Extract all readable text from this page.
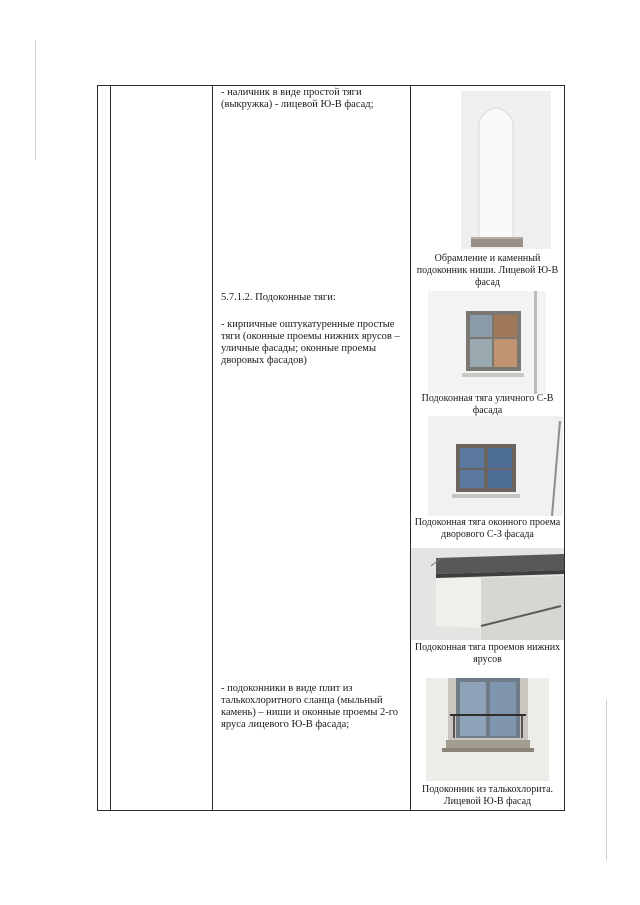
- наличник в виде простой тяги (выкружка) - лицевой Ю-В фасад;
5.7.1.2. Подоконные тяги:
- кирпичные оштукатуренные простые тяги (оконные проемы нижних ярусов – уличные фасады; оконные проемы дворовых фасадов)
- подоконники в виде плит из талькохлоритного сланца (мыльный камень) – ниши и оконные проемы 2-го яруса лицевого Ю-В фасада;

Обрамление и каменный подоконник ниши. Лицевой Ю-В фасад
Подоконная тяга уличного С-В фасада
Подоконная тяга оконного проема дворового С-З фасада
Подоконная тяга проемов нижних ярусов
Подоконник из талькохлорита. Лицевой Ю-В фасад
